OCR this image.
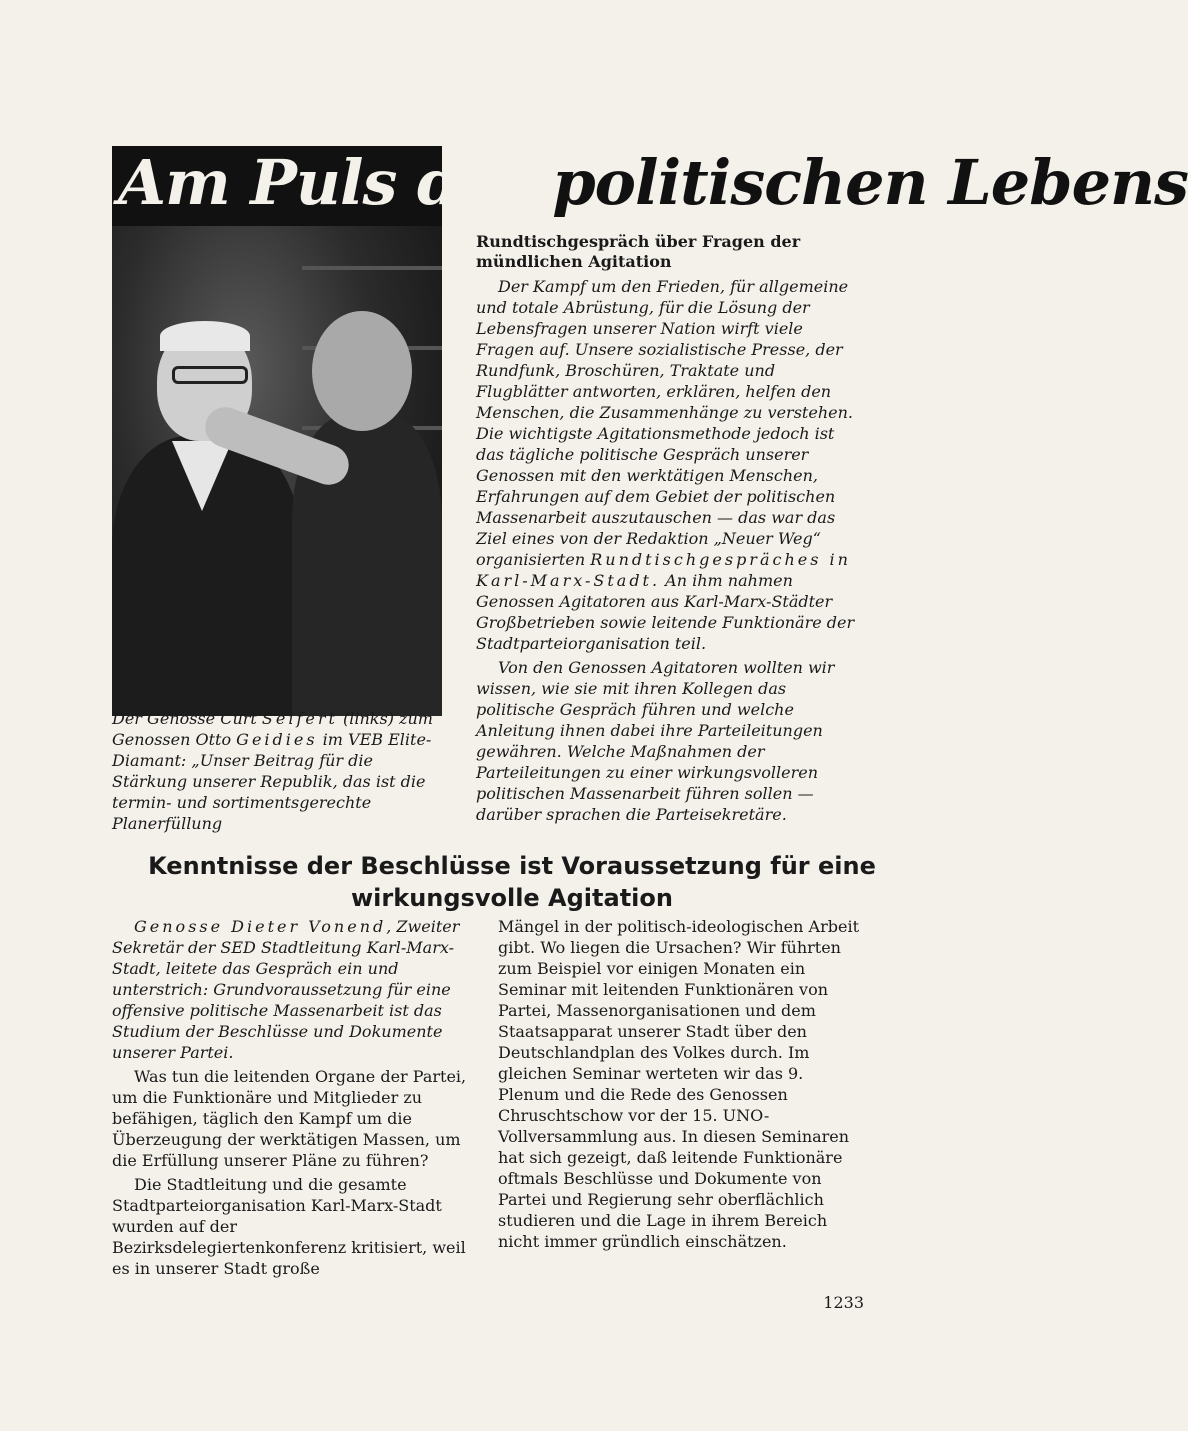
Am Puls des politischen Lebens
Der Genosse Curt Seifert (links) zum Genossen Otto Geidies im VEB Elite-Diamant: „Unser Beitrag für die Stärkung unserer Republik, das ist die termin- und sortimentsgerechte Planerfüllung
Rundtischgespräch über Fragen der mündlichen Agitation

Der Kampf um den Frieden, für allgemeine und totale Abrüstung, für die Lösung der Lebensfragen unserer Nation wirft viele Fragen auf. Unsere sozialistische Presse, der Rundfunk, Broschüren, Traktate und Flugblätter antworten, erklären, helfen den Menschen, die Zusammenhänge zu verstehen. Die wichtigste Agitationsmethode jedoch ist das tägliche politische Gespräch unserer Genossen mit den werktätigen Menschen, Erfahrungen auf dem Gebiet der politischen Massenarbeit auszutauschen — das war das Ziel eines von der Redaktion „Neuer Weg“ organisierten Rundtischgespräches in Karl-Marx-Stadt. An ihm nahmen Genossen Agitatoren aus Karl-Marx-Städter Großbetrieben sowie leitende Funktionäre der Stadtparteiorganisation teil.

Von den Genossen Agitatoren wollten wir wissen, wie sie mit ihren Kollegen das politische Gespräch führen und welche Anleitung ihnen dabei ihre Parteileitungen gewähren. Welche Maßnahmen der Parteileitungen zu einer wirkungsvolleren politischen Massenarbeit führen sollen — darüber sprachen die Parteisekretäre.

Kenntnisse der Beschlüsse ist Voraussetzung für eine
wirkungsvolle Agitation

Genosse Dieter Vonend, Zweiter Sekretär der SED Stadtleitung Karl-Marx-Stadt, leitete das Gespräch ein und unterstrich: Grundvoraussetzung für eine offensive politische Massenarbeit ist das Studium der Beschlüsse und Dokumente unserer Partei.

Was tun die leitenden Organe der Partei, um die Funktionäre und Mitglieder zu befähigen, täglich den Kampf um die Überzeugung der werktätigen Massen, um die Erfüllung unserer Pläne zu führen?

Die Stadtleitung und die gesamte Stadtparteiorganisation Karl-Marx-Stadt wurden auf der Bezirksdelegiertenkonferenz kritisiert, weil es in unserer Stadt große

Mängel in der politisch-ideologischen Arbeit gibt. Wo liegen die Ursachen? Wir führten zum Beispiel vor einigen Monaten ein Seminar mit leitenden Funktionären von Partei, Massenorganisationen und dem Staatsapparat unserer Stadt über den Deutschlandplan des Volkes durch. Im gleichen Seminar werteten wir das 9. Plenum und die Rede des Genossen Chruschtschow vor der 15. UNO-Vollversammlung aus. In diesen Seminaren hat sich gezeigt, daß leitende Funktionäre oftmals Beschlüsse und Dokumente von Partei und Regierung sehr oberflächlich studieren und die Lage in ihrem Bereich nicht immer gründlich einschätzen.

1233
